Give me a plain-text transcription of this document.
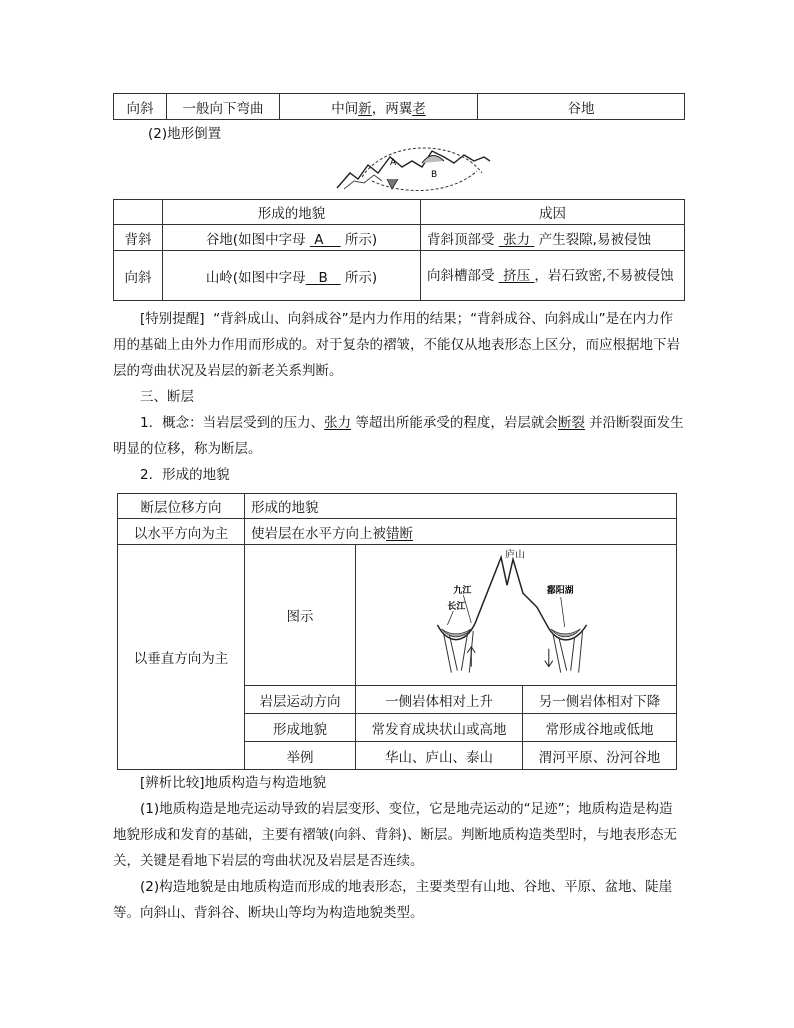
向斜	一般向下弯曲	中间新，两翼老	谷地

(2)地形倒置

A
B
	形成的地貌	成因
背斜	谷地(如图中字母 A 所示)	背斜顶部受 张力 产生裂隙,易被侵蚀
向斜	山岭(如图中字母 B 所示)	向斜槽部受 挤压 ，岩石致密,不易被侵蚀

[特别提醒] “背斜成山、向斜成谷”是内力作用的结果；“背斜成谷、向斜成山”是在内力作用的基础上由外力作用而形成的。对于复杂的褶皱，不能仅从地表形态上区分，而应根据地下岩层的弯曲状况及岩层的新老关系判断。

三、断层

1．概念：当岩层受到的压力、张力 等超出所能承受的程度，岩层就会断裂 并沿断裂面发生明显的位移，称为断层。

2．形成的地貌

断层位移方向	形成的地貌		
以水平方向为主	使岩层在水平方向上被错断		
以垂直方向为主	图示	庐山
九江
长江
鄱阳湖	

	岩层运动方向	一侧岩体相对上升	另一侧岩体相对下降
	形成地貌	常发育成块状山或高地	常形成谷地或低地
	举例	华山、庐山、泰山	渭河平原、汾河谷地

[辨析比较]地质构造与构造地貌

(1)地质构造是地壳运动导致的岩层变形、变位，它是地壳运动的“足迹”；地质构造是构造地貌形成和发育的基础，主要有褶皱(向斜、背斜)、断层。判断地质构造类型时，与地表形态无关，关键是看地下岩层的弯曲状况及岩层是否连续。

(2)构造地貌是由地质构造而形成的地表形态，主要类型有山地、谷地、平原、盆地、陡崖等。向斜山、背斜谷、断块山等均为构造地貌类型。
